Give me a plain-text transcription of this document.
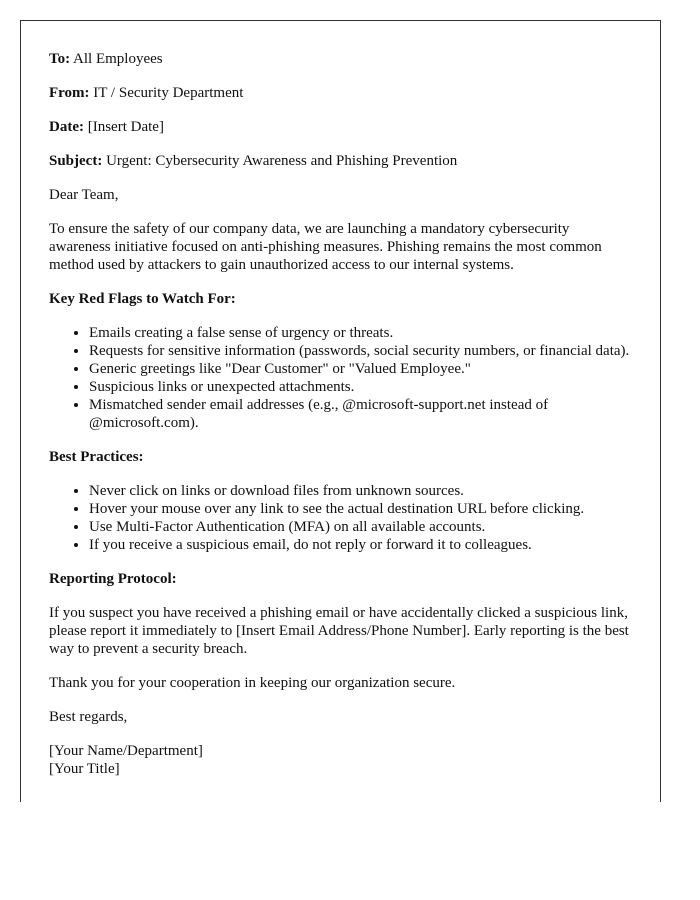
To: All Employees

From: IT / Security Department

Date: [Insert Date]

Subject: Urgent: Cybersecurity Awareness and Phishing Prevention

Dear Team,

To ensure the safety of our company data, we are launching a mandatory cybersecurity awareness initiative focused on anti-phishing measures. Phishing remains the most common method used by attackers to gain unauthorized access to our internal systems.

Key Red Flags to Watch For:
• Emails creating a false sense of urgency or threats.
• Requests for sensitive information (passwords, social security numbers, or financial data).
• Generic greetings like "Dear Customer" or "Valued Employee."
• Suspicious links or unexpected attachments.
• Mismatched sender email addresses (e.g., @microsoft-support.net instead of @microsoft.com).
Best Practices:
• Never click on links or download files from unknown sources.
• Hover your mouse over any link to see the actual destination URL before clicking.
• Use Multi-Factor Authentication (MFA) on all available accounts.
• If you receive a suspicious email, do not reply or forward it to colleagues.
Reporting Protocol:

If you suspect you have received a phishing email or have accidentally clicked a suspicious link, please report it immediately to [Insert Email Address/Phone Number]. Early reporting is the best way to prevent a security breach.

Thank you for your cooperation in keeping our organization secure.

Best regards,

[Your Name/Department]

[Your Title]
